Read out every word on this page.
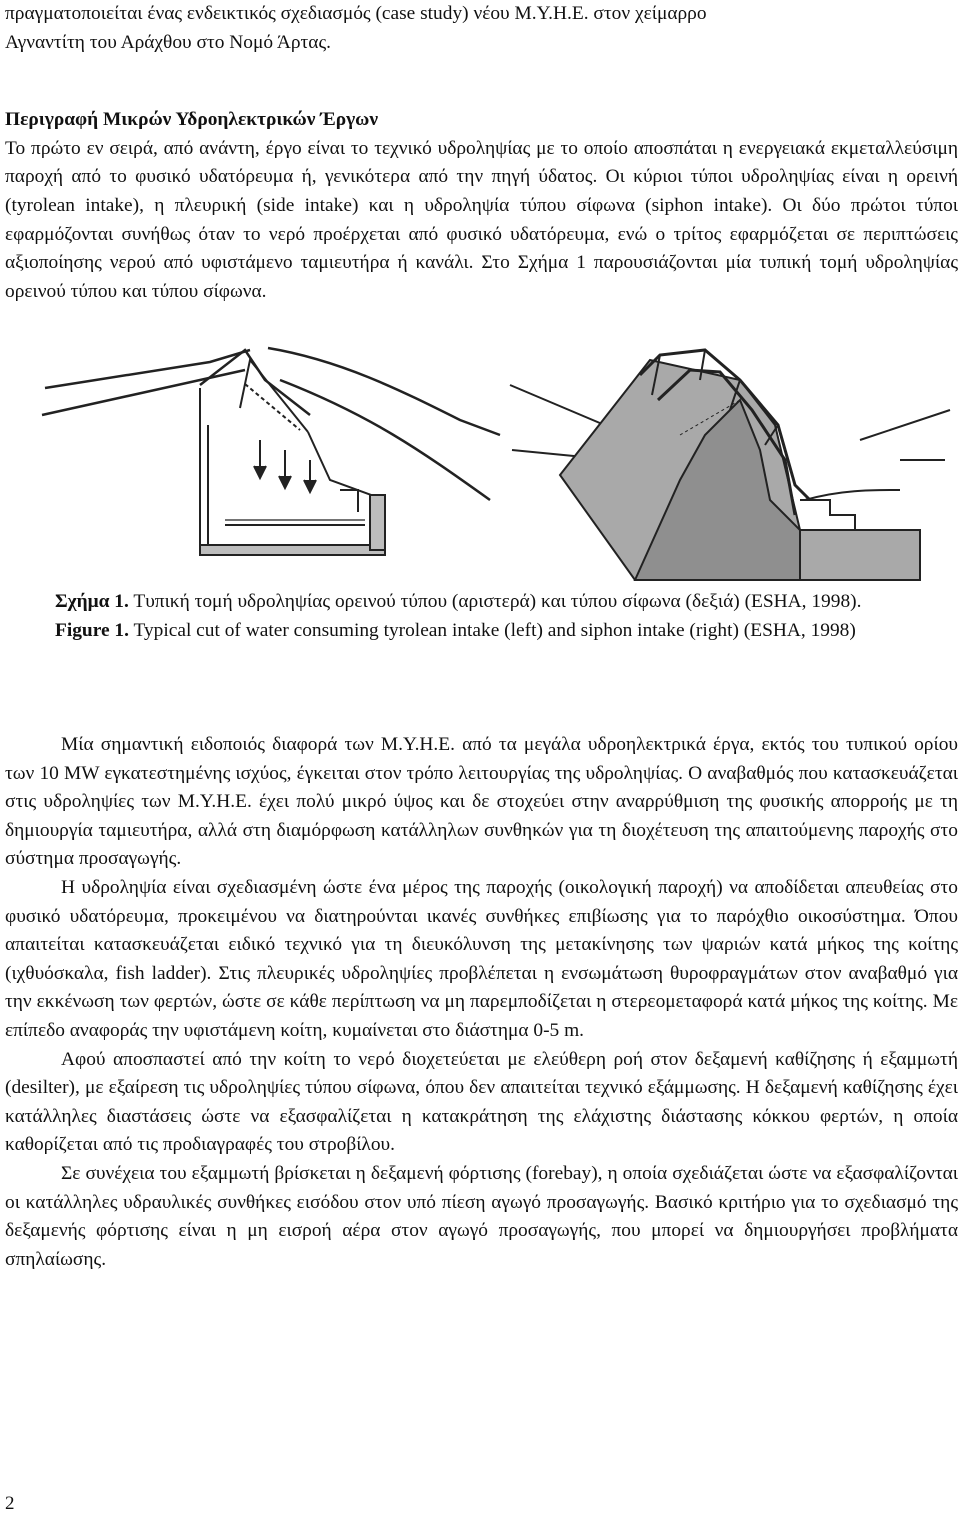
πραγματοποιείται ένας ενδεικτικός σχεδιασμός (case study) νέου Μ.Υ.Η.Ε. στον χείμαρρο

Αγναντίτη του Αράχθου στο Νομό Άρτας.

Περιγραφή Μικρών Υδροηλεκτρικών Έργων

Το πρώτο εν σειρά, από ανάντη, έργο είναι το τεχνικό υδροληψίας με το οποίο αποσπάται η ενεργειακά εκμεταλλεύσιμη παροχή από το φυσικό υδατόρευμα ή, γενικότερα από την πηγή ύδατος. Οι κύριοι τύποι υδροληψίας είναι η ορεινή (tyrolean intake), η πλευρική (side intake) και η υδροληψία τύπου σίφωνα (siphon intake). Οι δύο πρώτοι τύποι εφαρμόζονται συνήθως όταν το νερό προέρχεται από φυσικό υδατόρευμα, ενώ ο τρίτος εφαρμόζεται σε περιπτώσεις αξιοποίησης νερού από υφιστάμενο ταμιευτήρα ή κανάλι. Στο Σχήμα 1 παρουσιάζονται μία τυπική τομή υδροληψίας ορεινού τύπου και τύπου σίφωνα.

Σχήμα 1. Τυπική τομή υδροληψίας ορεινού τύπου (αριστερά) και τύπου σίφωνα (δεξιά) (ESHA, 1998).

Figure 1. Typical cut of water consuming tyrolean intake (left) and siphon intake (right) (ESHA, 1998)

Μία σημαντική ειδοποιός διαφορά των Μ.Υ.Η.Ε. από τα μεγάλα υδροηλεκτρικά έργα, εκτός του τυπικού ορίου των 10 MW εγκατεστημένης ισχύος, έγκειται στον τρόπο λειτουργίας της υδροληψίας. Ο αναβαθμός που κατασκευάζεται στις υδροληψίες των Μ.Υ.Η.Ε. έχει πολύ μικρό ύψος και δε στοχεύει στην αναρρύθμιση της φυσικής απορροής με τη δημιουργία ταμιευτήρα, αλλά στη διαμόρφωση κατάλληλων συνθηκών για τη διοχέτευση της απαιτούμενης παροχής στο σύστημα προσαγωγής.

Η υδροληψία είναι σχεδιασμένη ώστε ένα μέρος της παροχής (οικολογική παροχή) να αποδίδεται απευθείας στο φυσικό υδατόρευμα, προκειμένου να διατηρούνται ικανές συνθήκες επιβίωσης για το παρόχθιο οικοσύστημα. Όπου απαιτείται κατασκευάζεται ειδικό τεχνικό για τη διευκόλυνση της μετακίνησης των ψαριών κατά μήκος της κοίτης (ιχθυόσκαλα, fish ladder). Στις πλευρικές υδροληψίες προβλέπεται η ενσωμάτωση θυροφραγμάτων στον αναβαθμό για την εκκένωση των φερτών, ώστε σε κάθε περίπτωση να μη παρεμποδίζεται η στερεομεταφορά κατά μήκος της κοίτης. Με επίπεδο αναφοράς την υφιστάμενη κοίτη, κυμαίνεται στο διάστημα 0-5 m.

Αφού αποσπαστεί από την κοίτη το νερό διοχετεύεται με ελεύθερη ροή στον δεξαμενή καθίζησης ή εξαμμωτή (desilter), με εξαίρεση τις υδροληψίες τύπου σίφωνα, όπου δεν απαιτείται τεχνικό εξάμμωσης. Η δεξαμενή καθίζησης έχει κατάλληλες διαστάσεις ώστε να εξασφαλίζεται η κατακράτηση της ελάχιστης διάστασης κόκκου φερτών, η οποία καθορίζεται από τις προδιαγραφές του στροβίλου.

Σε συνέχεια του εξαμμωτή βρίσκεται η δεξαμενή φόρτισης (forebay), η οποία σχεδιάζεται ώστε να εξασφαλίζονται οι κατάλληλες υδραυλικές συνθήκες εισόδου στον υπό πίεση αγωγό προσαγωγής. Βασικό κριτήριο για το σχεδιασμό της δεξαμενής φόρτισης είναι η μη εισροή αέρα στον αγωγό προσαγωγής, που μπορεί να δημιουργήσει προβλήματα σπηλαίωσης.

2
